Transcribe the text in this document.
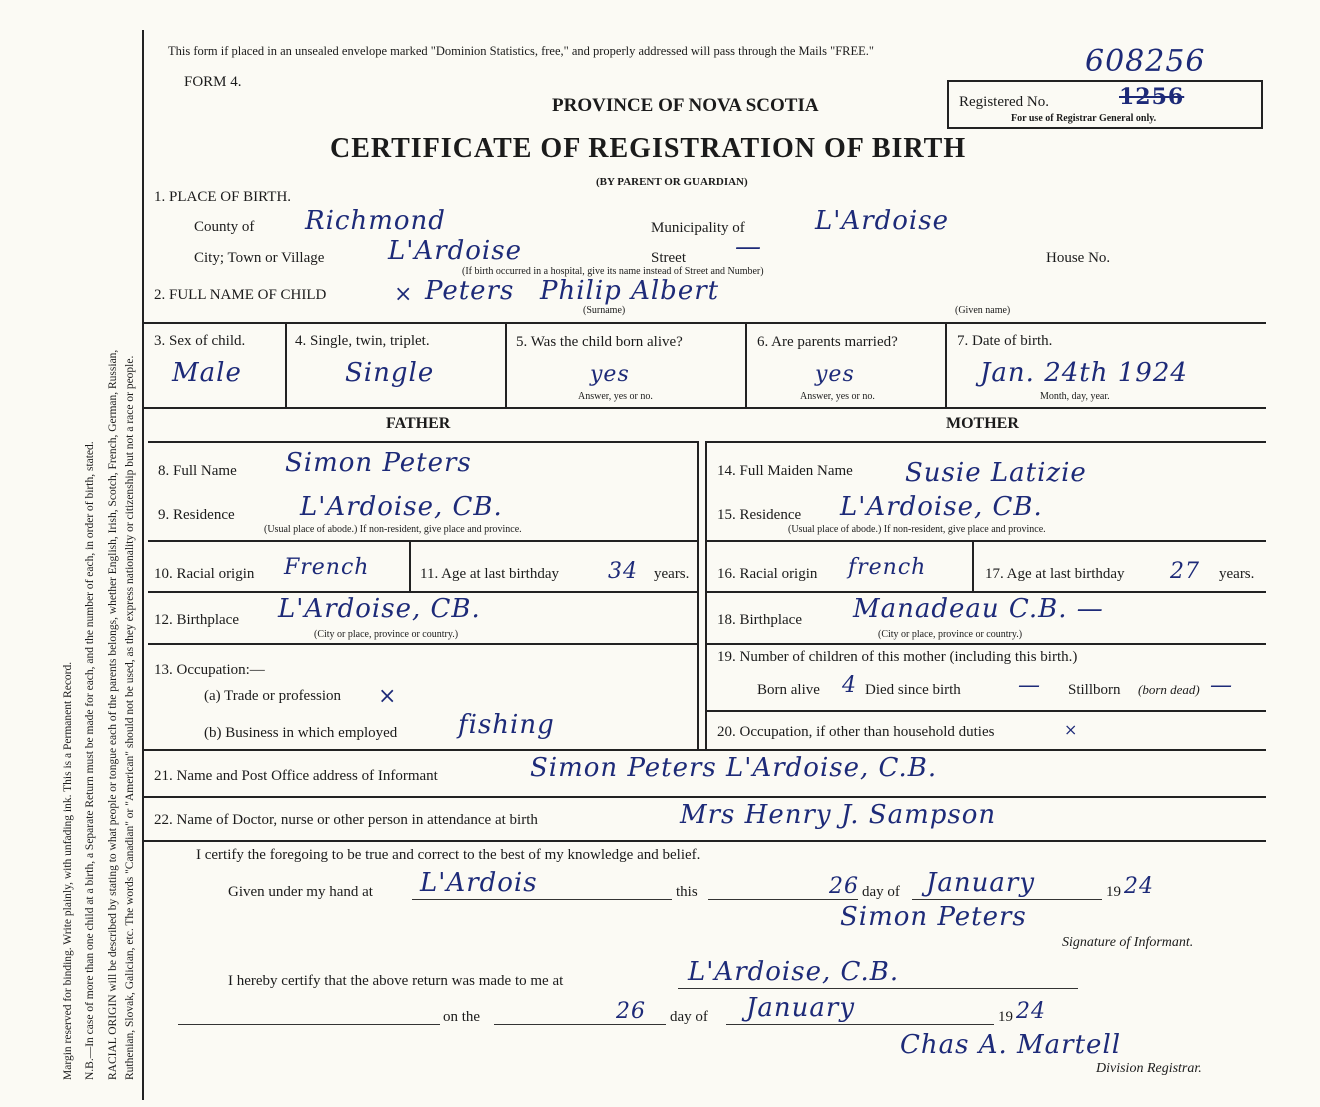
Margin reserved for binding. Write plainly, with unfading ink. This is a Permanent Record. N.B.—In case of more than one child at a birth, a Separate Return must be made for each, and the number of each, in order of birth, stated. RACIAL ORIGIN will be described by stating to what people or tongue each of the parents belongs, whether English, Irish, Scotch, French, German, Russian, Ruthenian, Slovak, Galician, etc. The words "Canadian" or "American" should not be used, as they express nationality or citizenship but not a race or people.
This form if placed in an unsealed envelope marked "Dominion Statistics, free," and properly addressed will pass through the Mails "FREE."
FORM 4.
608256
PROVINCE OF NOVA SCOTIA	Registered No.	1256
For use of Registrar General only.
CERTIFICATE OF REGISTRATION OF BIRTH
(BY PARENT OR GUARDIAN)
1. PLACE OF BIRTH.
County of Richmond	Municipality of	L'Ardoise
City; Town or Village L'Ardoise	Street —	House No.
(If birth occurred in a hospital, give its name instead of Street and Number)
2. FULL NAME OF CHILD	× Peters Philip Albert
(Surname)	(Given name)
3. Sex of child.
Male
4. Single, twin, triplet.
Single
5. Was the child born alive?
yes
Answer, yes or no.
6. Are parents married?
yes
Answer, yes or no.
7. Date of birth.
Jan. 24th 1924
Month, day, year.
FATHER	MOTHER
8. Full Name Simon Peters
9. Residence	L'Ardoise, CB.
(Usual place of abode.) If non-resident, give place and province.
10. Racial origin French	11. Age at last birthday 34 years.
12. Birthplace L'Ardoise, CB.
(City or place, province or country.)
13. Occupation:—
(a) Trade or profession ×
(b) Business in which employed fishing
14. Full Maiden Name Susie Latizie
15. Residence L'Ardoise, CB.
(Usual place of abode.) If non-resident, give place and province.
16. Racial origin french	17. Age at last birthday 27 years.
18. Birthplace Manadeau C.B. —
(City or place, province or country.)
19. Number of children of this mother (including this birth.)
Born alive 4 Died since birth	— Stillborn (born dead) —
20. Occupation, if other than household duties	×
21. Name and Post Office address of Informant	Simon Peters L'Ardoise, C.B.
22. Name of Doctor, nurse or other person in attendance at birth	Mrs Henry J. Sampson
I certify the foregoing to be true and correct to the best of my knowledge and belief.
Given under my hand at L'Ardois	this	26 day of January	19 24
Simon Peters
Signature of Informant.
I hereby certify that the above return was made to me at	L'Ardoise, C.B.
on the	26 day of January	19 24
Chas A. Martell
Division Registrar.
